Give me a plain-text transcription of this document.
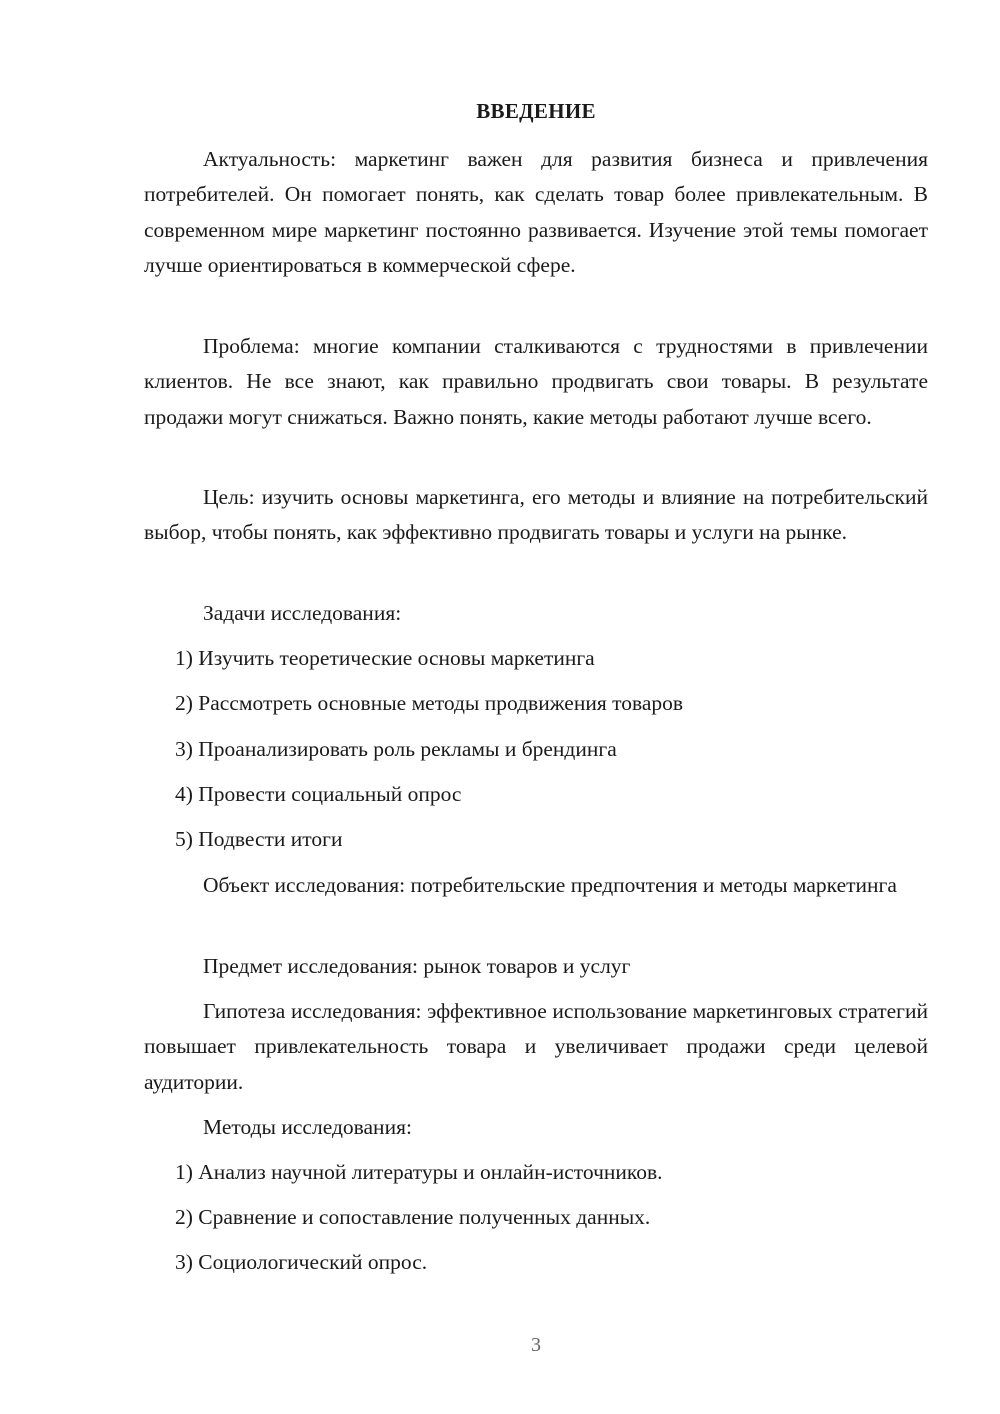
ВВЕДЕНИЕ

Актуальность: маркетинг важен для развития бизнеса и привлечения потребителей. Он помогает понять, как сделать товар более привлекательным. В современном мире маркетинг постоянно развивается. Изучение этой темы помогает лучше ориентироваться в коммерческой сфере.

Проблема: многие компании сталкиваются с трудностями в привлечении клиентов. Не все знают, как правильно продвигать свои товары. В результате продажи могут снижаться. Важно понять, какие методы работают лучше всего.

Цель: изучить основы маркетинга, его методы и влияние на потребительский выбор, чтобы понять, как эффективно продвигать товары и услуги на рынке.

Задачи исследования:

1) Изучить теоретические основы маркетинга

2) Рассмотреть основные методы продвижения товаров

3) Проанализировать роль рекламы и брендинга

4) Провести социальный опрос

5) Подвести итоги

Объект исследования: потребительские предпочтения и методы маркетинга

Предмет исследования: рынок товаров и услуг

Гипотеза исследования: эффективное использование маркетинговых стратегий повышает привлекательность товара и увеличивает продажи среди целевой аудитории.

Методы исследования:

1) Анализ научной литературы и онлайн-источников.

2) Сравнение и сопоставление полученных данных.

3) Социологический опрос.

3
